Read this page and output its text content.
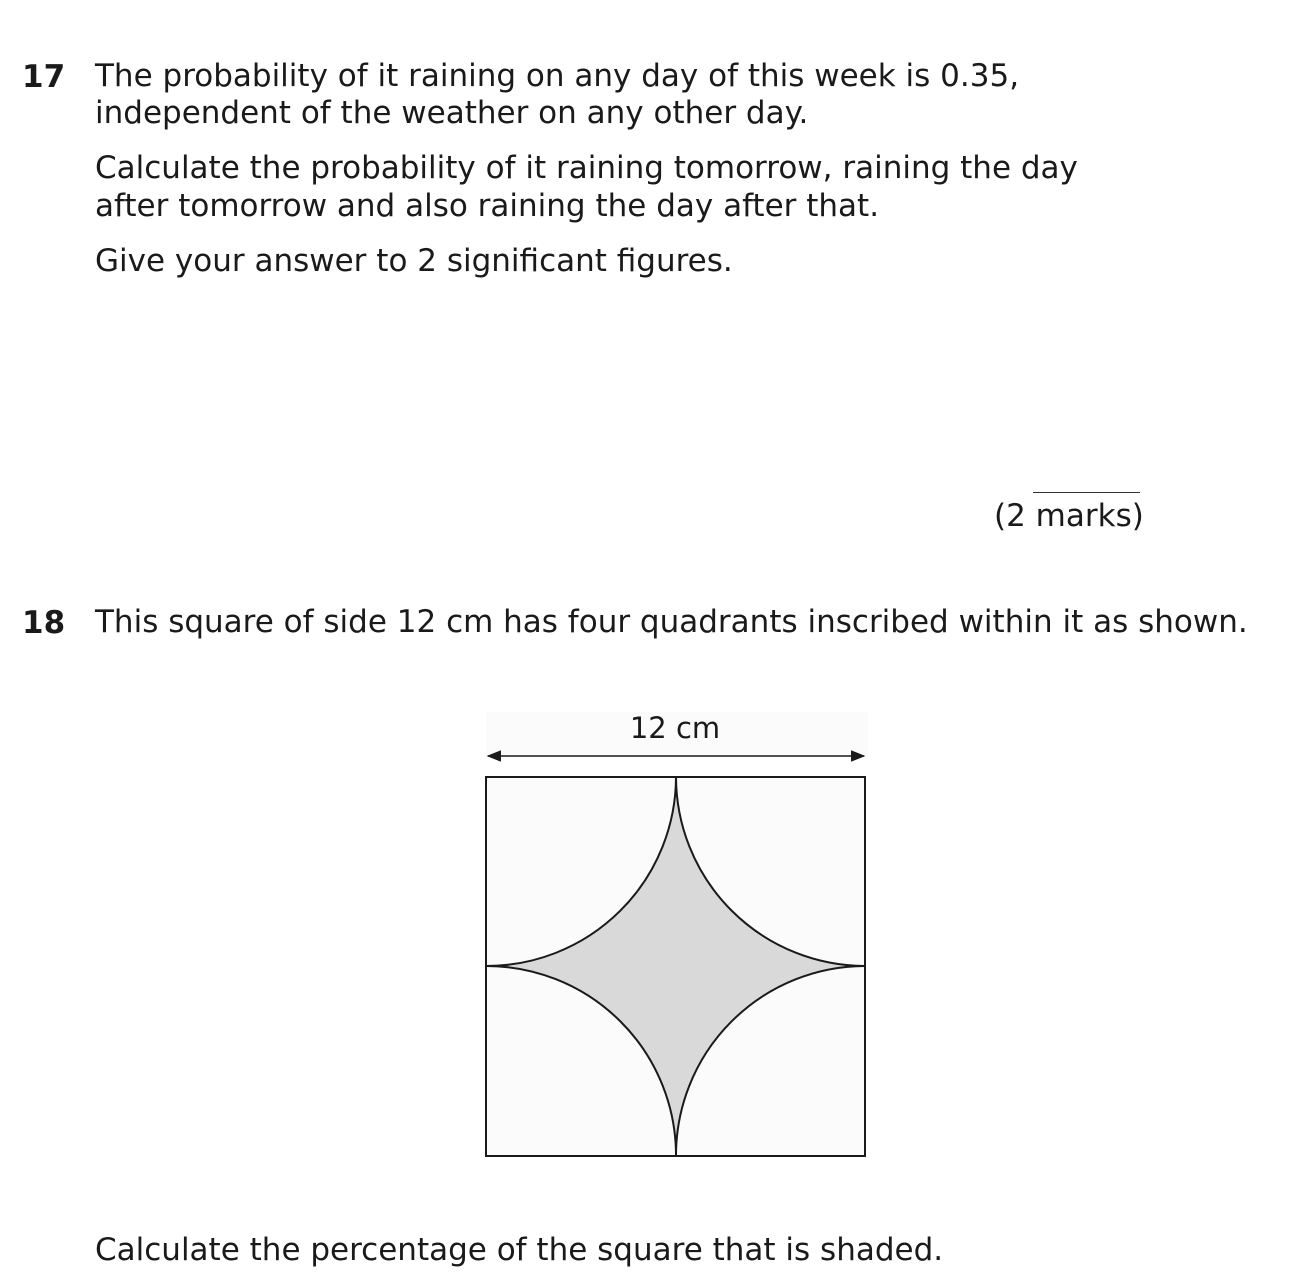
17 The probability of it raining on any day of this week is 0.35,
independent of the weather on any other day.
Calculate the probability of it raining tomorrow, raining the day
after tomorrow and also raining the day after that.
Give your answer to 2 significant figures.
(2 marks)
18 This square of side 12 cm has four quadrants inscribed within it as shown.
12 cm
Calculate the percentage of the square that is shaded.
